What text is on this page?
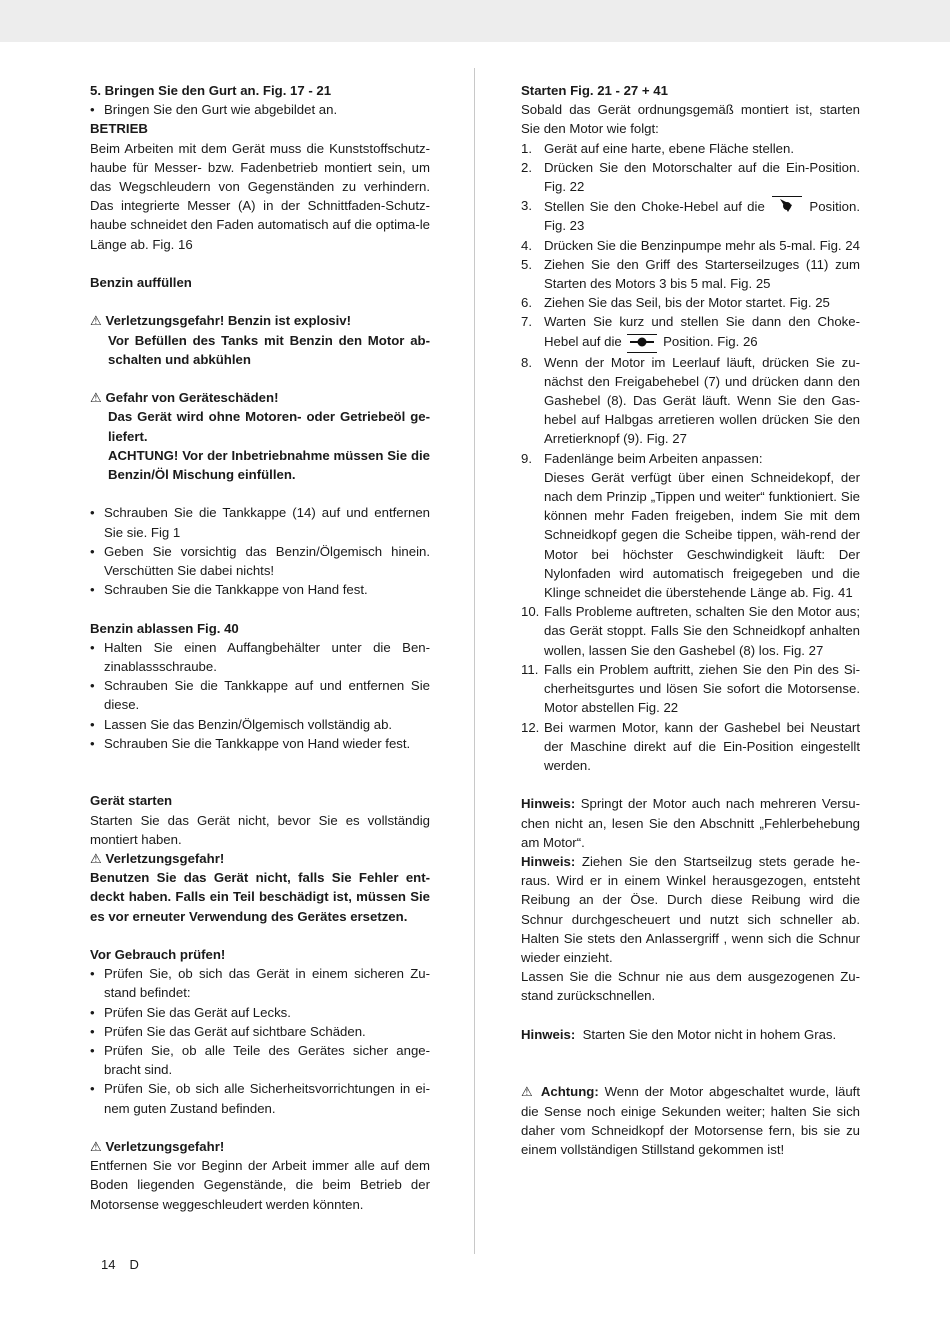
5. Bringen Sie den Gurt an. Fig. 17 - 21

• Bringen Sie den Gurt wie abgebildet an.

BETRIEB

Beim Arbeiten mit dem Gerät muss die Kunststoffschutz-haube für Messer- bzw. Fadenbetrieb montiert sein, um das Wegschleudern von Gegenständen zu verhindern. Das integrierte Messer (A) in der Schnittfaden-Schutz-haube schneidet den Faden automatisch auf die optima-le Länge ab. Fig. 16

Benzin auffüllen

⚠ Verletzungsgefahr! Benzin ist explosiv!

Vor Befüllen des Tanks mit Benzin den Motor ab-schalten und abkühlen

⚠ Gefahr von Geräteschäden!

Das Gerät wird ohne Motoren- oder Getriebeöl ge-liefert.

ACHTUNG! Vor der Inbetriebnahme müssen Sie die Benzin/Öl Mischung einfüllen.

• Schrauben Sie die Tankkappe (14) auf und entfernen Sie sie. Fig 1
• Geben Sie vorsichtig das Benzin/Ölgemisch hinein. Verschütten Sie dabei nichts!
• Schrauben Sie die Tankkappe von Hand fest.

Benzin ablassen Fig. 40

• Halten Sie einen Auffangbehälter unter die Ben-zinablassschraube.
• Schrauben Sie die Tankkappe auf und entfernen Sie diese.
• Lassen Sie das Benzin/Ölgemisch vollständig ab.
• Schrauben Sie die Tankkappe von Hand wieder fest.

Gerät starten

Starten Sie das Gerät nicht, bevor Sie es vollständig montiert haben.

⚠ Verletzungsgefahr!

Benutzen Sie das Gerät nicht, falls Sie Fehler ent-deckt haben. Falls ein Teil beschädigt ist, müssen Sie es vor erneuter Verwendung des Gerätes ersetzen.

Vor Gebrauch prüfen!

• Prüfen Sie, ob sich das Gerät in einem sicheren Zu-stand befindet:
• Prüfen Sie das Gerät auf Lecks.
• Prüfen Sie das Gerät auf sichtbare Schäden.
• Prüfen Sie, ob alle Teile des Gerätes sicher ange-bracht sind.
• Prüfen Sie, ob sich alle Sicherheitsvorrichtungen in ei-nem guten Zustand befinden.

⚠ Verletzungsgefahr!

Entfernen Sie vor Beginn der Arbeit immer alle auf dem Boden liegenden Gegenstände, die beim Betrieb der Motorsense weggeschleudert werden könnten.

Starten Fig. 21 - 27 + 41

Sobald das Gerät ordnungsgemäß montiert ist, starten Sie den Motor wie folgt:

1. Gerät auf eine harte, ebene Fläche stellen.
2. Drücken Sie den Motorschalter auf die Ein-Position. Fig. 22
3. Stellen Sie den Choke-Hebel auf die	Position. Fig. 23
4. Drücken Sie die Benzinpumpe mehr als 5-mal. Fig. 24
5. Ziehen Sie den Griff des Starterseilzuges (11) zum Starten des Motors 3 bis 5 mal. Fig. 25
6. Ziehen Sie das Seil, bis der Motor startet. Fig. 25
7. Warten Sie kurz und stellen Sie dann den Choke-Hebel auf die	Position. Fig. 26
8. Wenn der Motor im Leerlauf läuft, drücken Sie zu-nächst den Freigabehebel (7) und drücken dann den Gashebel (8). Das Gerät läuft. Wenn Sie den Gas-hebel auf Halbgas arretieren wollen drücken Sie den Arretierknopf (9). Fig. 27
9. Fadenlänge beim Arbeiten anpassen:
Dieses Gerät verfügt über einen Schneidekopf, der nach dem Prinzip „Tippen und weiter“ funktioniert. Sie können mehr Faden freigeben, indem Sie mit dem Schneidkopf gegen die Scheibe tippen, wäh-rend der Motor bei höchster Geschwindigkeit läuft: Der Nylonfaden wird automatisch freigegeben und die Klinge schneidet die überstehende Länge ab. Fig. 41
10. Falls Probleme auftreten, schalten Sie den Motor aus; das Gerät stoppt. Falls Sie den Schneidkopf anhalten wollen, lassen Sie den Gashebel (8) los. Fig. 27
11. Falls ein Problem auftritt, ziehen Sie den Pin des Si-cherheitsgurtes und lösen Sie sofort die Motorsense. Motor abstellen Fig. 22
12. Bei warmen Motor, kann der Gashebel bei Neustart der Maschine direkt auf die Ein-Position eingestellt werden.

Hinweis: Springt der Motor auch nach mehreren Versu-chen nicht an, lesen Sie den Abschnitt „Fehlerbehebung am Motor“.

Hinweis: Ziehen Sie den Startseilzug stets gerade he-raus. Wird er in einem Winkel herausgezogen, entsteht Reibung an der Öse. Durch diese Reibung wird die Schnur durchgescheuert und nutzt sich schneller ab. Halten Sie stets den Anlassergriff , wenn sich die Schnur wieder einzieht.

Lassen Sie die Schnur nie aus dem ausgezogenen Zu-stand zurückschnellen.

Hinweis: Starten Sie den Motor nicht in hohem Gras.

⚠ Achtung: Wenn der Motor abgeschaltet wurde, läuft die Sense noch einige Sekunden weiter; halten Sie sich daher vom Schneidkopf der Motorsense fern, bis sie zu einem vollständigen Stillstand gekommen ist!

14 D
